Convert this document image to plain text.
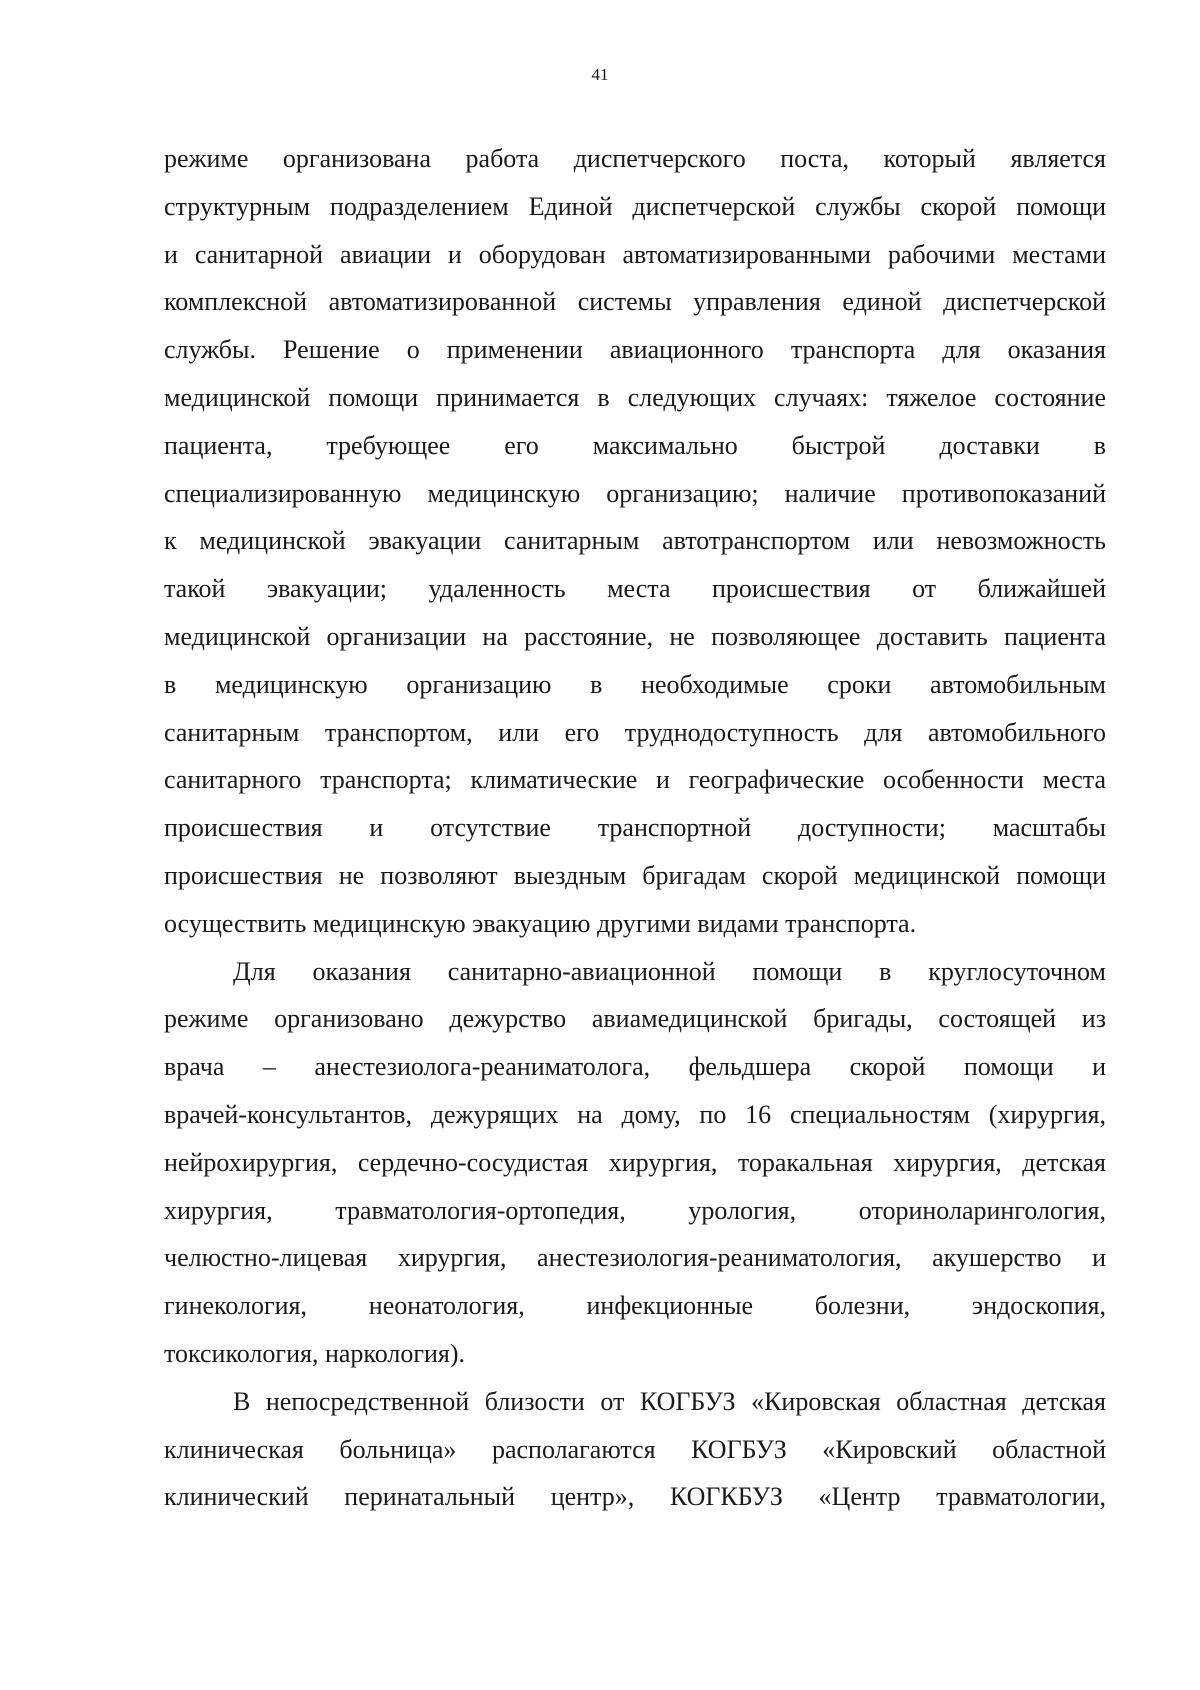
41
режиме организована работа диспетчерского поста, который является
структурным подразделением Единой диспетчерской службы скорой помощи
и санитарной авиации и оборудован автоматизированными рабочими местами
комплексной автоматизированной системы управления единой диспетчерской
службы. Решение о применении авиационного транспорта для оказания
медицинской помощи принимается в следующих случаях: тяжелое состояние
пациента, требующее его максимально быстрой доставки в
специализированную медицинскую организацию; наличие противопоказаний
к медицинской эвакуации санитарным автотранспортом или невозможность
такой эвакуации; удаленность места происшествия от ближайшей
медицинской организации на расстояние, не позволяющее доставить пациента
в медицинскую организацию в необходимые сроки автомобильным
санитарным транспортом, или его труднодоступность для автомобильного
санитарного транспорта; климатические и географические особенности места
происшествия и отсутствие транспортной доступности; масштабы
происшествия не позволяют выездным бригадам скорой медицинской помощи
осуществить медицинскую эвакуацию другими видами транспорта.
Для оказания санитарно-авиационной помощи в круглосуточном
режиме организовано дежурство авиамедицинской бригады, состоящей из
врача – анестезиолога-реаниматолога, фельдшера скорой помощи и
врачей-консультантов, дежурящих на дому, по 16 специальностям (хирургия,
нейрохирургия, сердечно-сосудистая хирургия, торакальная хирургия, детская
хирургия, травматология-ортопедия, урология, оториноларингология,
челюстно-лицевая хирургия, анестезиология-реаниматология, акушерство и
гинекология, неонатология, инфекционные болезни, эндоскопия,
токсикология, наркология).
В непосредственной близости от КОГБУЗ «Кировская областная детская
клиническая больница» располагаются КОГБУЗ «Кировский областной
клинический перинатальный центр», КОГКБУЗ «Центр травматологии,
